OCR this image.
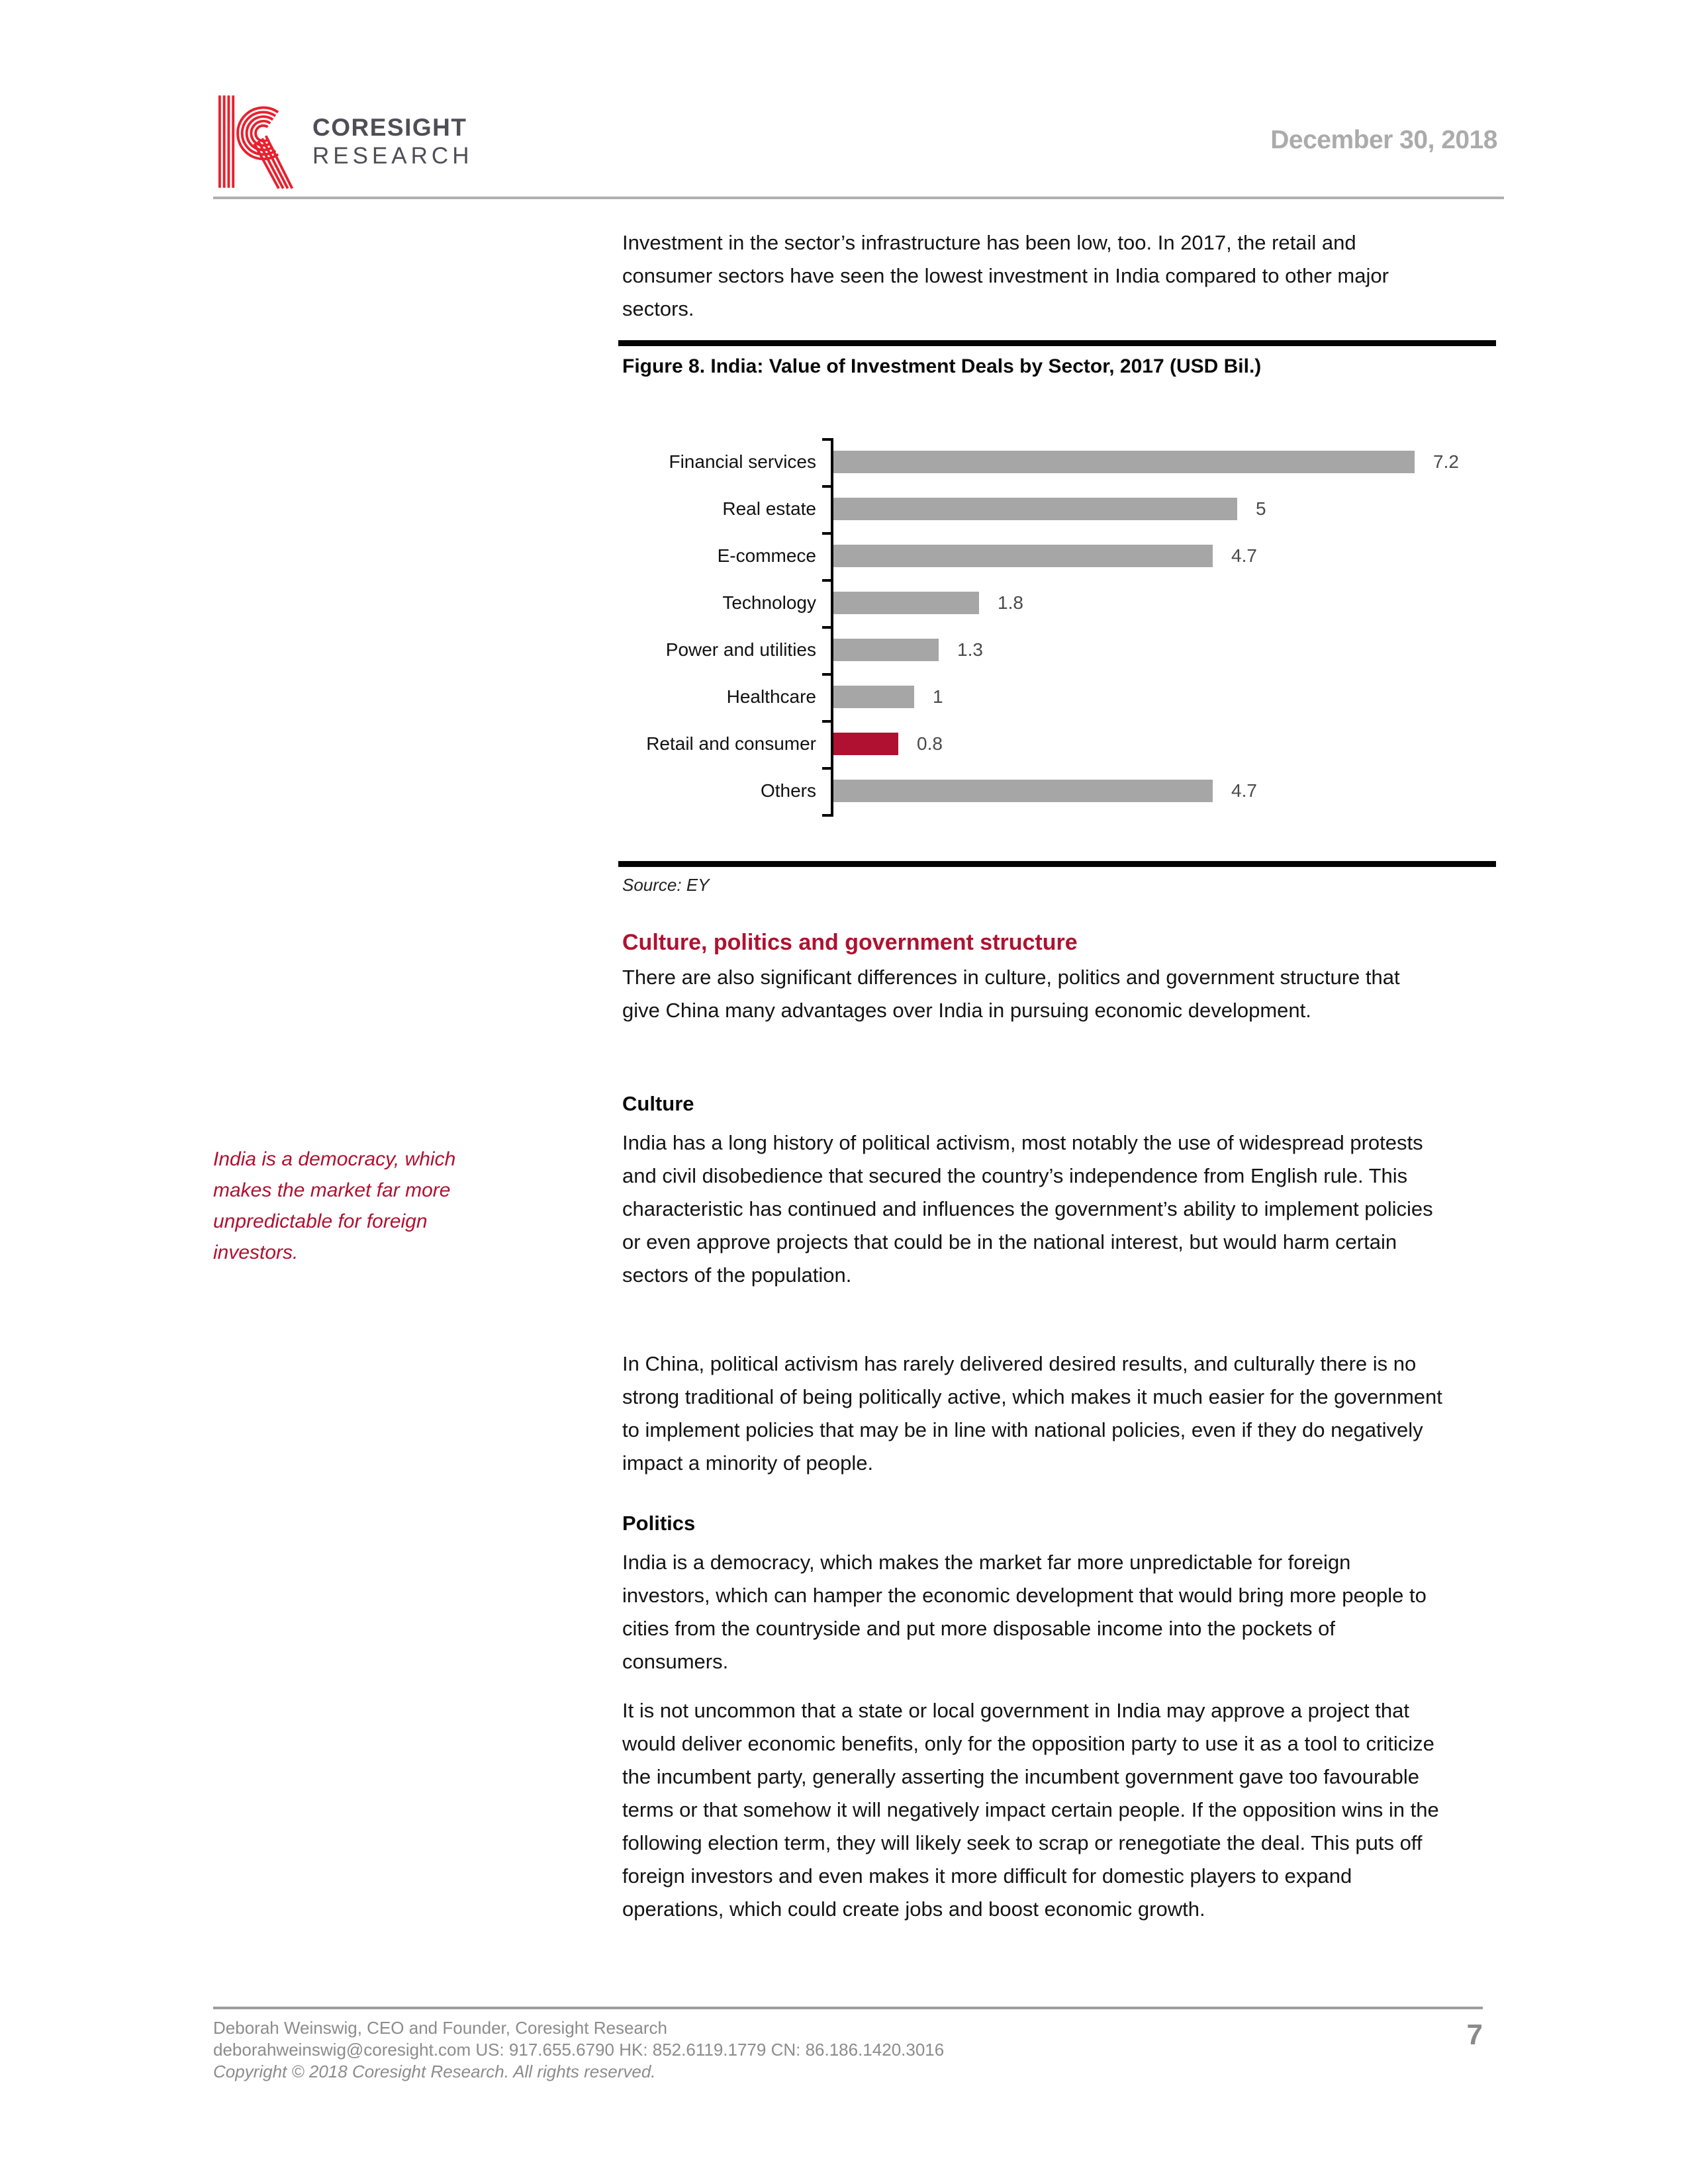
CORESIGHT
RESEARCH
December 30, 2018

India is a democracy, which makes the market far more unpredictable for foreign investors.

Investment in the sector’s infrastructure has been low, too. In 2017, the retail and consumer sectors have seen the lowest investment in India compared to other major sectors.

Figure 8. India: Value of Investment Deals by Sector, 2017 (USD Bil.)
Financial services	7.2
Real estate	5
E-commece	4.7
Technology	1.8
Power and utilities	1.3
Healthcare	1
Retail and consumer	0.8
Others	4.7

Source: EY

Culture, politics and government structure

There are also significant differences in culture, politics and government structure that give China many advantages over India in pursuing economic development.

Culture

India has a long history of political activism, most notably the use of widespread protests and civil disobedience that secured the country’s independence from English rule. This characteristic has continued and influences the government’s ability to implement policies or even approve projects that could be in the national interest, but would harm certain sectors of the population.

In China, political activism has rarely delivered desired results, and culturally there is no strong traditional of being politically active, which makes it much easier for the government to implement policies that may be in line with national policies, even if they do negatively impact a minority of people.

Politics

India is a democracy, which makes the market far more unpredictable for foreign investors, which can hamper the economic development that would bring more people to cities from the countryside and put more disposable income into the pockets of consumers.

It is not uncommon that a state or local government in India may approve a project that would deliver economic benefits, only for the opposition party to use it as a tool to criticize the incumbent party, generally asserting the incumbent government gave too favourable terms or that somehow it will negatively impact certain people. If the opposition wins in the following election term, they will likely seek to scrap or renegotiate the deal. This puts off foreign investors and even makes it more difficult for domestic players to expand operations, which could create jobs and boost economic growth.

Deborah Weinswig, CEO and Founder, Coresight Research
deborahweinswig@coresight.com US: 917.655.6790 HK: 852.6119.1779 CN: 86.186.1420.3016
Copyright © 2018 Coresight Research. All rights reserved.
7
